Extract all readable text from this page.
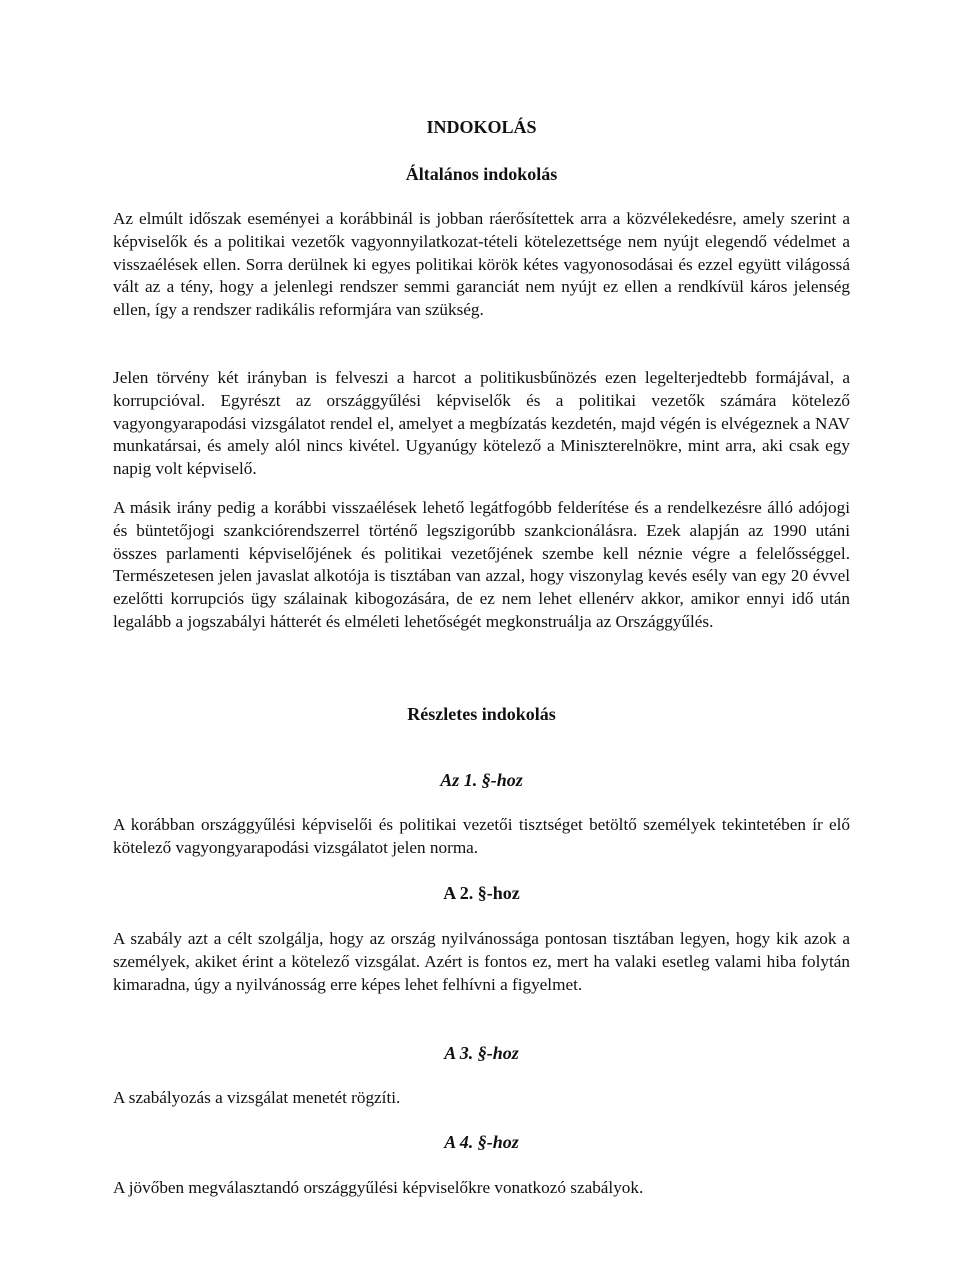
INDOKOLÁS
Általános indokolás
Az elmúlt időszak eseményei a korábbinál is jobban ráerősítettek arra a közvélekedésre, amely szerint a képviselők és a politikai vezetők vagyonnyilatkozat-tételi kötelezettsége nem nyújt elegendő védelmet a visszaélések ellen. Sorra derülnek ki egyes politikai körök kétes vagyonosodásai és ezzel együtt világossá vált az a tény, hogy a jelenlegi rendszer semmi garanciát nem nyújt ez ellen a rendkívül káros jelenség ellen, így a rendszer radikális reformjára van szükség.
Jelen törvény két irányban is felveszi a harcot a politikusbűnözés ezen legelterjedtebb formájával, a korrupcióval. Egyrészt az országgyűlési képviselők és a politikai vezetők számára kötelező vagyongyarapodási vizsgálatot rendel el, amelyet a megbízatás kezdetén, majd végén is elvégeznek a NAV munkatársai, és amely alól nincs kivétel. Ugyanúgy kötelező a Miniszterelnökre, mint arra, aki csak egy napig volt képviselő.
A másik irány pedig a korábbi visszaélések lehető legátfogóbb felderítése és a rendelkezésre álló adójogi és büntetőjogi szankciórendszerrel történő legszigorúbb szankcionálásra. Ezek alapján az 1990 utáni összes parlamenti képviselőjének és politikai vezetőjének szembe kell néznie végre a felelősséggel. Természetesen jelen javaslat alkotója is tisztában van azzal, hogy viszonylag kevés esély van egy 20 évvel ezelőtti korrupciós ügy szálainak kibogozására, de ez nem lehet ellenérv akkor, amikor ennyi idő után legalább a jogszabályi hátterét és elméleti lehetőségét megkonstruálja az Országgyűlés.
Részletes indokolás
Az 1. §-hoz
A korábban országgyűlési képviselői és politikai vezetői tisztséget betöltő személyek tekintetében ír elő kötelező vagyongyarapodási vizsgálatot jelen norma.
A 2. §-hoz
A szabály azt a célt szolgálja, hogy az ország nyilvánossága pontosan tisztában legyen, hogy kik azok a személyek, akiket érint a kötelező vizsgálat. Azért is fontos ez, mert ha valaki esetleg valami hiba folytán kimaradna, úgy a nyilvánosság erre képes lehet felhívni a figyelmet.
A 3. §-hoz
A szabályozás a vizsgálat menetét rögzíti.
A 4. §-hoz
A jövőben megválasztandó országgyűlési képviselőkre vonatkozó szabályok.
